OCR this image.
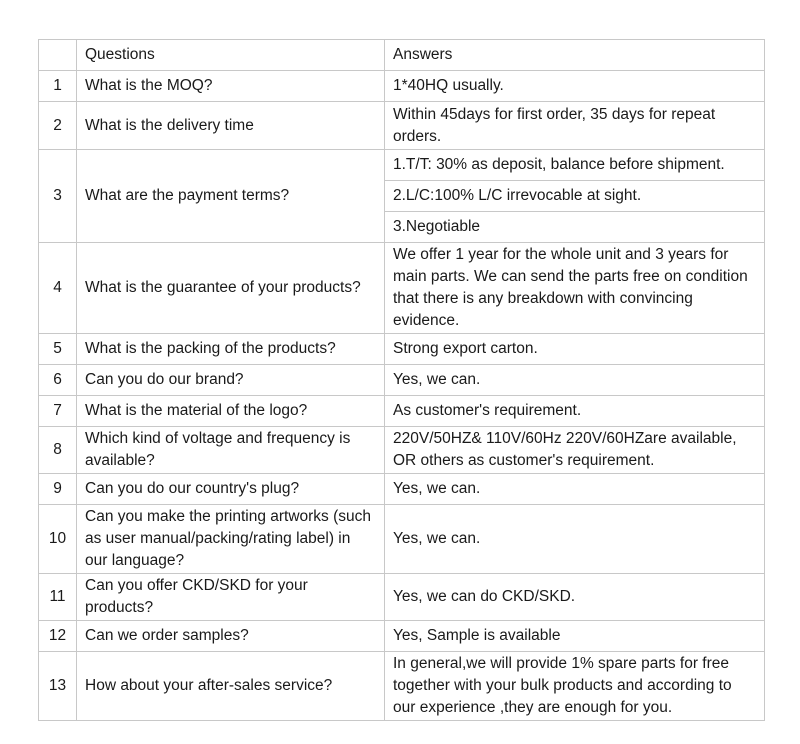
	Questions	Answers
1	What is the MOQ?	1*40HQ usually.
2	What is the delivery time	Within 45days for first order, 35 days for repeat orders.
3	What are the payment terms?	1.T/T: 30% as deposit, balance before shipment.
		2.L/C:100% L/C irrevocable at sight.
		3.Negotiable
4	What is the guarantee of your products?	We offer 1 year for the whole unit and 3 years for main parts. We can send the parts free on condition that there is any breakdown with convincing evidence.
5	What is the packing of the products?	Strong export carton.
6	Can you do our brand?	Yes, we can.
7	What is the material of the logo?	As customer's requirement.
8	Which kind of voltage and frequency is available?	220V/50HZ& 110V/60Hz 220V/60HZare available, OR others as customer's requirement.
9	Can you do our country's plug?	Yes, we can.
10	Can you make the printing artworks (such as user manual/packing/rating label) in our language?	Yes, we can.
11	Can you offer CKD/SKD for your products?	Yes, we can do CKD/SKD.
12	Can we order samples?	Yes, Sample is available
13	How about your after-sales service?	In general,we will provide 1% spare parts for free together with your bulk products and according to our experience ,they are enough for you.
